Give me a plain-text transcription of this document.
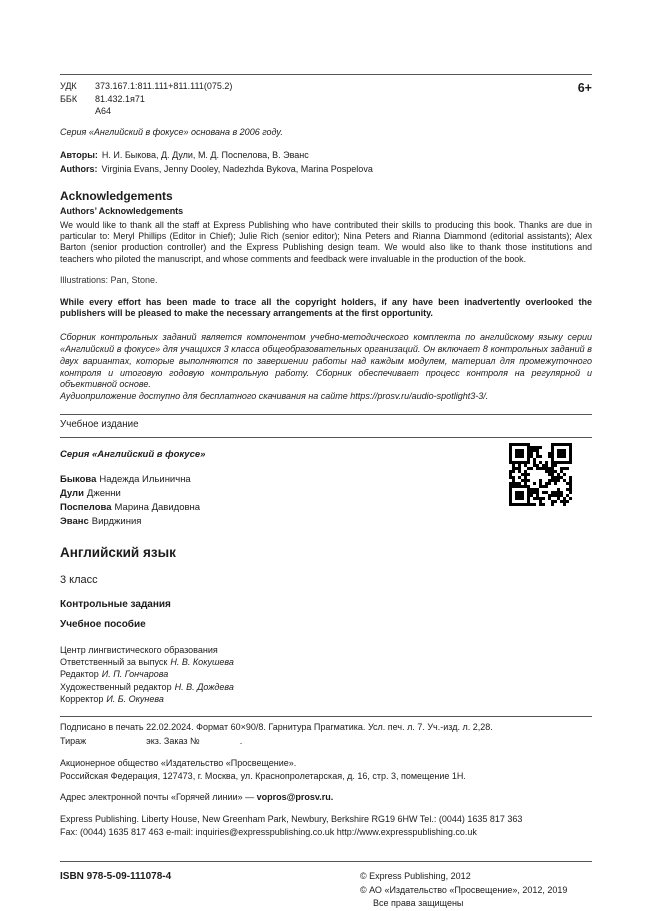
УДК 373.167.1:811.111+811.111(075.2)
ББК 81.432.1я71
А64
6+
Серия «Английский в фокусе» основана в 2006 году.
Авторы: Н. И. Быкова, Д. Дули, М. Д. Поспелова, В. Эванс
Authors: Virginia Evans, Jenny Dooley, Nadezhda Bykova, Marina Pospelova
Acknowledgements
Authors’ Acknowledgements
We would like to thank all the staff at Express Publishing who have contributed their skills to producing this book. Thanks are due in particular to: Meryl Phillips (Editor in Chief); Julie Rich (senior editor); Nina Peters and Rianna Diammond (editorial assistants); Alex Barton (senior production controller) and the Express Publishing design team. We would also like to thank those institutions and teachers who piloted the manuscript, and whose comments and feedback were invaluable in the production of the book.
Illustrations: Pan, Stone.
While every effort has been made to trace all the copyright holders, if any have been inadvertently overlooked the publishers will be pleased to make the necessary arrangements at the first opportunity.
Сборник контрольных заданий является компонентом учебно-методического комплекта по английскому языку серии «Английский в фокусе» для учащихся 3 класса общеобразовательных организаций. Он включает 8 контрольных заданий в двух вариантах, которые выполняются по завершении работы над каждым модулем, материал для промежуточного контроля и итоговую годовую контрольную работу. Сборник обеспечивает процесс контроля на регулярной и объективной основе.
Аудиоприложение доступно для бесплатного скачивания на сайте https://prosv.ru/audio-spotlight3-3/.
Учебное издание
Серия «Английский в фокусе»
Быкова Надежда Ильинична
Дули Дженни
Поспелова Марина Давидовна
Эванс Вирджиния
Английский язык
3 класс
Контрольные задания
Учебное пособие
Центр лингвистического образования
Ответственный за выпуск Н. В. Кокушева
Редактор И. П. Гончарова
Художественный редактор Н. В. Дождева
Корректор И. Б. Окунева
Подписано в печать 22.02.2024. Формат 60×90/8. Гарнитура Прагматика. Усл. печ. л. 7. Уч.-изд. л. 2,28.
Тираж	экз. Заказ №	.
Акционерное общество «Издательство «Просвещение».
Российская Федерация, 127473, г. Москва, ул. Краснопролетарская, д. 16, стр. 3, помещение 1Н.
Адрес электронной почты «Горячей линии» — vopros@prosv.ru.
Express Publishing. Liberty House, New Greenham Park, Newbury, Berkshire RG19 6HW Tel.: (0044) 1635 817 363
Fax: (0044) 1635 817 463 e-mail: inquiries@expresspublishing.co.uk http://www.expresspublishing.co.uk
ISBN 978-5-09-111078-4	© Express Publishing, 2012
© АО «Издательство «Просвещение», 2012, 2019
Все права защищены
